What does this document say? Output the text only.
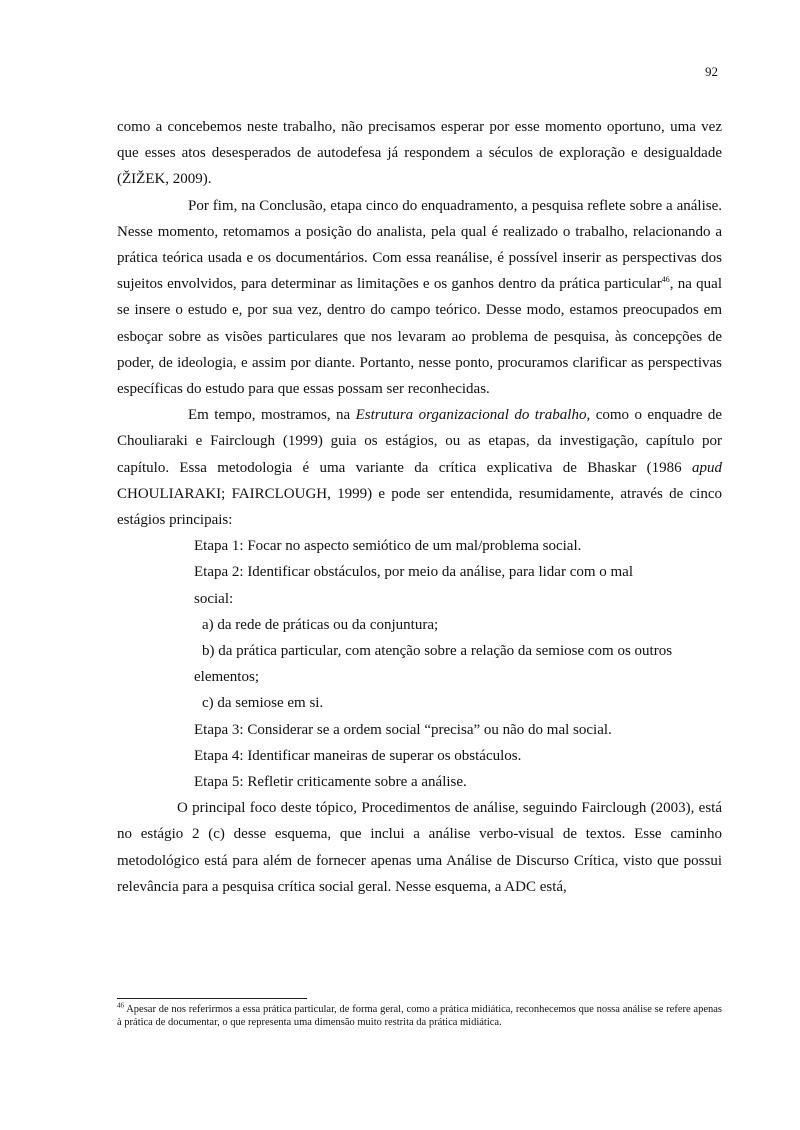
92

como a concebemos neste trabalho, não precisamos esperar por esse momento oportuno, uma vez que esses atos desesperados de autodefesa já respondem a séculos de exploração e desigualdade (ŽIŽEK, 2009).

Por fim, na Conclusão, etapa cinco do enquadramento, a pesquisa reflete sobre a análise. Nesse momento, retomamos a posição do analista, pela qual é realizado o trabalho, relacionando a prática teórica usada e os documentários. Com essa reanálise, é possível inserir as perspectivas dos sujeitos envolvidos, para determinar as limitações e os ganhos dentro da prática particular$^{46}$, na qual se insere o estudo e, por sua vez, dentro do campo teórico. Desse modo, estamos preocupados em esboçar sobre as visões particulares que nos levaram ao problema de pesquisa, às concepções de poder, de ideologia, e assim por diante. Portanto, nesse ponto, procuramos clarificar as perspectivas específicas do estudo para que essas possam ser reconhecidas.

Em tempo, mostramos, na Estrutura organizacional do trabalho, como o enquadre de Chouliaraki e Fairclough (1999) guia os estágios, ou as etapas, da investigação, capítulo por capítulo. Essa metodologia é uma variante da crítica explicativa de Bhaskar (1986 apud CHOULIARAKI; FAIRCLOUGH, 1999) e pode ser entendida, resumidamente, através de cinco estágios principais:

Etapa 1: Focar no aspecto semiótico de um mal/problema social.
Etapa 2: Identificar obstáculos, por meio da análise, para lidar com o mal
social:
a) da rede de práticas ou da conjuntura;
b) da prática particular, com atenção sobre a relação da semiose com os outros
elementos;
c) da semiose em si.
Etapa 3: Considerar se a ordem social “precisa” ou não do mal social.
Etapa 4: Identificar maneiras de superar os obstáculos.
Etapa 5: Refletir criticamente sobre a análise.

O principal foco deste tópico, Procedimentos de análise, seguindo Fairclough (2003), está no estágio 2 (c) desse esquema, que inclui a análise verbo-visual de textos. Esse caminho metodológico está para além de fornecer apenas uma Análise de Discurso Crítica, visto que possui relevância para a pesquisa crítica social geral. Nesse esquema, a ADC está,

$^{46}$ Apesar de nos referirmos a essa prática particular, de forma geral, como a prática midiática, reconhecemos que nossa análise se refere apenas à prática de documentar, o que representa uma dimensão muito restrita da prática midiática.
